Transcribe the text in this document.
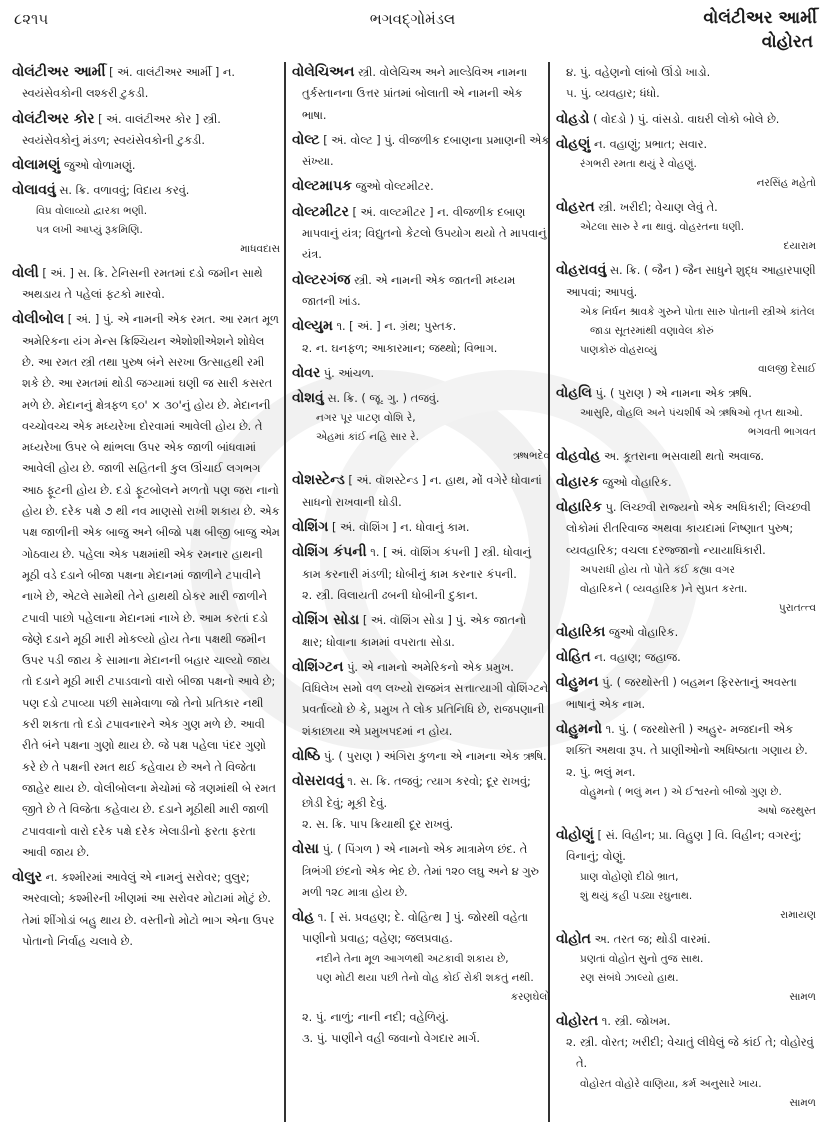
૮૨૧૫	ભગવદ્ગોમંડલ	વોલંટીઅર આર્મી
વોહોરત
વોલંટીઅર આર્મી [ અં. વાલંટીઅર આર્મી ] ન. સ્વયંસેવકોની લશ્કરી ટુકડી.
વોલંટીઅર કોર [ અં. વાલંટીઅર કોર ] સ્ત્રી. સ્વયંસેવકોનું મંડળ; સ્વયંસેવકોની ટુકડી.
વોલામણું જુઓ વોળામણું.
વોલાવવું સ. ક્રિ. વળાવવું; વિદાય કરવું.
વિપ્ર વોલાવ્યો દ્વારકા ભણી.
પત્ર લખી આપ્યું રૂકમિણિ.
માધવદાસ
વોલી [ અં. ] સ. ક્રિ. ટેનિસની રમતમાં દડો જમીન સાથે અથડાય તે પહેલાં ફટકો મારવો.
વોલીબોલ [ અં. ] પું. એ નામની એક રમત. આ રમત મૂળ અમેરિકના યંગ મેન્સ ક્રિશ્ચિયન એશોશીએશને શોધેલ છે. આ રમત સ્ત્રી તથા પુરુષ બંને સરખા ઉત્સાહથી રમી શકે છે. આ રમતમાં થોડી જગ્યામાં ઘણી જ સારી કસરત મળે છે. મેદાનનું ક્ષેત્રફળ ૬૦' × ૩૦'નું હોય છે. મેદાનની વચ્ચોવચ્ચ એક મધ્યરેખા દોરવામાં આવેલી હોય છે. તે મધ્યરેખા ઉપર બે થાંભલા ઉપર એક જાળી બાંધવામાં આવેલી હોય છે. જાળી સહિતની કુલ ઊંચાઈ લગભગ આઠ ફૂટની હોય છે. દડો ફૂટબોલને મળતો પણ જરા નાનો હોય છે. દરેક પક્ષે ૭ થી નવ માણસો રાખી શકાય છે. એક પક્ષ જાળીની એક બાજુ અને બીજો પક્ષ બીજી બાજુ એમ ગોઠવાય છે. પહેલા એક પક્ષમાંથી એક રમનાર હાથની મૂઠી વડે દડાને બીજા પક્ષના મેદાનમાં જાળીને ટપાવીને નાખે છે, એટલે સામેથી તેને હાથથી ઠોકર મારી જાળીને ટપાવી પાછો પહેલાના મેદાનમાં નાખે છે. આમ કરતાં દડો જેણે દડાને મૂઠી મારી મોકલ્યો હોય તેના પક્ષથી જમીન ઉપર પડી જાય કે સામાના મેદાનની બહાર ચાલ્યો જાય તો દડાને મૂઠી મારી ટપાડવાનો વારો બીજા પક્ષનો આવે છે; પણ દડો ટપાવ્યા પછી સામેવાળા જો તેનો પ્રતિકાર નથી કરી શકતા તો દડો ટપાવનારને એક ગુણ મળે છે. આવી રીતે બંને પક્ષના ગુણો થાય છે. જે પક્ષ પહેલા પંદર ગુણો કરે છે તે પક્ષની રમત થઈ કહેવાય છે અને તે વિજેતા જાહેર થાય છે. વોલીબોલના મેચોમાં જે ત્રણમાંથી બે રમત જીતે છે તે વિજેતા કહેવાય છે. દડાને મૂઠીથી મારી જાળી ટપાવવાનો વારો દરેક પક્ષે દરેક ખેલાડીનો ફરતા ફરતા આવી જાય છે.
વોલુર ન. કશ્મીરમાં આવેલું એ નામનું સરોવર; વુલુર; અરવાલો; કશ્મીરની ખીણમાં આ સરોવર મોટામાં મોટું છે. તેમાં શીંગોડાં બહુ થાય છે. વસ્તીનો મોટો ભાગ એના ઉપર પોતાનો નિર્વાહ ચલાવે છે.
વોલેચિઅન સ્ત્રી. વોલેચિઅ અને માલ્ડેવિઅ નામના તુર્કસ્તાનના ઉત્તર પ્રાંતમાં બોલાતી એ નામની એક ભાષા.
વોલ્ટ [ અં. વોલ્ટ ] પું. વીજળીક દબાણના પ્રમાણની એક સંખ્યા.
વોલ્ટમાપક જુઓ વોલ્ટમીટર.
વોલ્ટમીટર [ અં. વાલ્ટમીટર ] ન. વીજળીક દબાણ માપવાનું યંત્ર; વિદ્યુતનો કેટલો ઉપયોગ થયો તે માપવાનું યંત્ર.
વોલ્ટરગંજ સ્ત્રી. એ નામની એક જાતની મધ્યમ જાતની ખાંડ.
વોલ્યુમ ૧. [ અં. ] ન. ગ્રંથ; પુસ્તક.
૨. ન. ઘનફળ; આકારમાન; જથ્થો; વિભાગ.
વોવર પું. આંચળ.
વોશવું સ. ક્રિ. ( જૂ. ગુ. ) તજવું.
નગર પૂર પાટણ વોશિ રે,
એહમાં કાંઈ નહિ સાર રે.
ઋષભદેવ
વોશસ્ટેન્ડ [ અં. વૉશસ્ટેન્ડ ] ન. હાથ, મોં વગેરે ધોવાનાં સાધનો રાખવાની ઘોડી.
વોશિંગ [ અં. વૉશિંગ ] ન. ધોવાનું કામ.
વોશિંગ કંપની ૧. [ અં. વૉશિંગ કંપની ] સ્ત્રી. ધોવાનું કામ કરનારી મંડળી; ધોબીનું કામ કરનાર કંપની.
૨. સ્ત્રી. વિલાયતી ઢબની ધોબીની દુકાન.
વોશિંગ સોડા [ અં. વૉશિંગ સોડા ] પું. એક જાતનો ક્ષાર; ધોવાના કામમાં વપરાતા સોડા.
વોશિંગ્ટન પું. એ નામનો અમેરિકનો એક પ્રમુખ. વિધિલેખ સમો વળ લખ્યો રાજમંત્ર સત્તાત્યાગી વોશિંગ્ટને પ્રવર્તાવ્યો છે કે, પ્રમુખ તે લોક પ્રતિનિધિ છે, રાજપણાની શંકાછાયા એ પ્રમુખપદમાં ન હોય.
વોષ્ઠિ પું. ( પુરાણ ) અંગિરા કુળના એ નામના એક ઋષિ.
વોસરાવવું ૧. સ. ક્રિ. તજવું; ત્યાગ કરવો; દૂર રાખવું; છોડી દેવું; મૂકી દેવું.
૨. સ. ક્રિ. પાપ ક્રિયાથી દૂર રાખવું.
વોસા પું. ( પિંગળ ) એ નામનો એક માત્રામેળ છંદ. તે ત્રિભંગી છંદનો એક ભેદ છે. તેમાં ૧૨૦ લઘુ અને ૪ ગુરુ મળી ૧૨૮ માત્રા હોય છે.
વોહ ૧. [ સં. પ્રવહણ; દે. વોહિત્થ ] પું. જોરથી વહેતા પાણીનો પ્રવાહ; વહેણ; જલપ્રવાહ.
નદીને તેના મૂળ આગળથી અટકાવી શકાય છે,
પણ મોટી થયા પછી તેનો વોહ કોઈ રોકી શકતું નથી.
કરણઘેલો
૨. પું. નાળું; નાની નદી; વહેળિયું.
૩. પું. પાણીને વહી જવાનો વેગદાર માર્ગ.
૪. પું. વહેણનો લાંબો ઊંડો ખાડો.
૫. પું. વ્યવહાર; ધંધો.
વોહડો ( વોદડો ) પું. વાંસડો. વાઘરી લોકો બોલે છે.
વોહણું ન. વહાણું; પ્રભાત; સવાર.
રંગભરી રમતા થયું રે વોહણું.
નરસિંહ મહેતો
વોહરત સ્ત્રી. ખરીદી; વેચાણ લેવું તે.
એટલા સારુ રે ના થાવું. વોહરતના ધણી.
દયારામ
વોહરાવવું સ. ક્રિ. ( જૈન ) જૈન સાધુને શુદ્ધ આહારપાણી આપવાં; આપવું.
એક નિર્ધન શ્રાવકે ગુરુને પોતા સારુ પોતાની સ્ત્રીએ કાંતેલ જાડા સૂતરમાંથી વણાવેલ કોરું
પાણકોરું વોહરાવ્યું
વાલજી દેસાઈ
વોહલિ પું. ( પુરાણ ) એ નામના એક ઋષિ.
આસુરિ, વોહલિ અને પંચશીર્ષ એ ઋષિઓ તૃપ્ત થાઓ.
ભગવતી ભાગવત
વોહવોહ અ. કૂતરાના ભસવાથી થતો અવાજ.
વોહારક જુઓ વોહારિક.
વોહારિક પુ. લિચ્છવી રાજ્યનો એક અધિકારી; લિચ્છવી લોકોમાં રીતરિવાજ અથવા કાયદામાં નિષ્ણાત પુરુષ; વ્યવહારિક; વચલા દરજ્જાનો ન્યાયાધિકારી.
અપરાધી હોય તો પોતે કંઈ કહ્યા વગર
વોહારિકને ( વ્યવહારિક )ને સુપ્રત કરતા.
પુરાતત્ત્વ
વોહારિકા જુઓ વોહારિક.
વોહિત ન. વહાણ; જહાજ.
વોહુમન પું. ( જરથોસ્તી ) બહમન ફિરસ્તાનું અવસ્તા ભાષાનું એક નામ.
વોહુમનો ૧. પું. ( જરથોસ્તી ) અહુર- મજદાની એક શક્તિ અથવા રૂપ. તે પ્રાણીઓનો અધિષ્ઠાતા ગણાય છે.
૨. પું. ભલું મન.
વોહુમનો ( ભલું મન ) એ ઈશ્વરનો બીજો ગુણ છે.
અષો જરથુસ્ત
વોહોણું [ સં. વિહીન; પ્રા. વિહુણ ] વિ. વિહીન; વગરનું; વિનાનું; વોણું.
પ્રાણ વોહોણો દીઠો ભ્રાત,
શું થયું કહી પડ્યા રઘુનાથ.
રામાયણ
વોહોત અ. તરત જ; થોડી વારમાં.
પ્રણતાં વોહોત સુનો તુજ સાથ.
રણ સંબંધે ઝાલ્યો હાથ.
સામળ
વોહોરત ૧. સ્ત્રી. જોખમ.
૨. સ્ત્રી. વોરત; ખરીદી; વેચાતું લીધેલું જે કાંઈ તે; વોહોરવું તે.
વોહોરત વોહોરે વાણિયા, કર્મ અનુસારે ખાય.
સામળ
